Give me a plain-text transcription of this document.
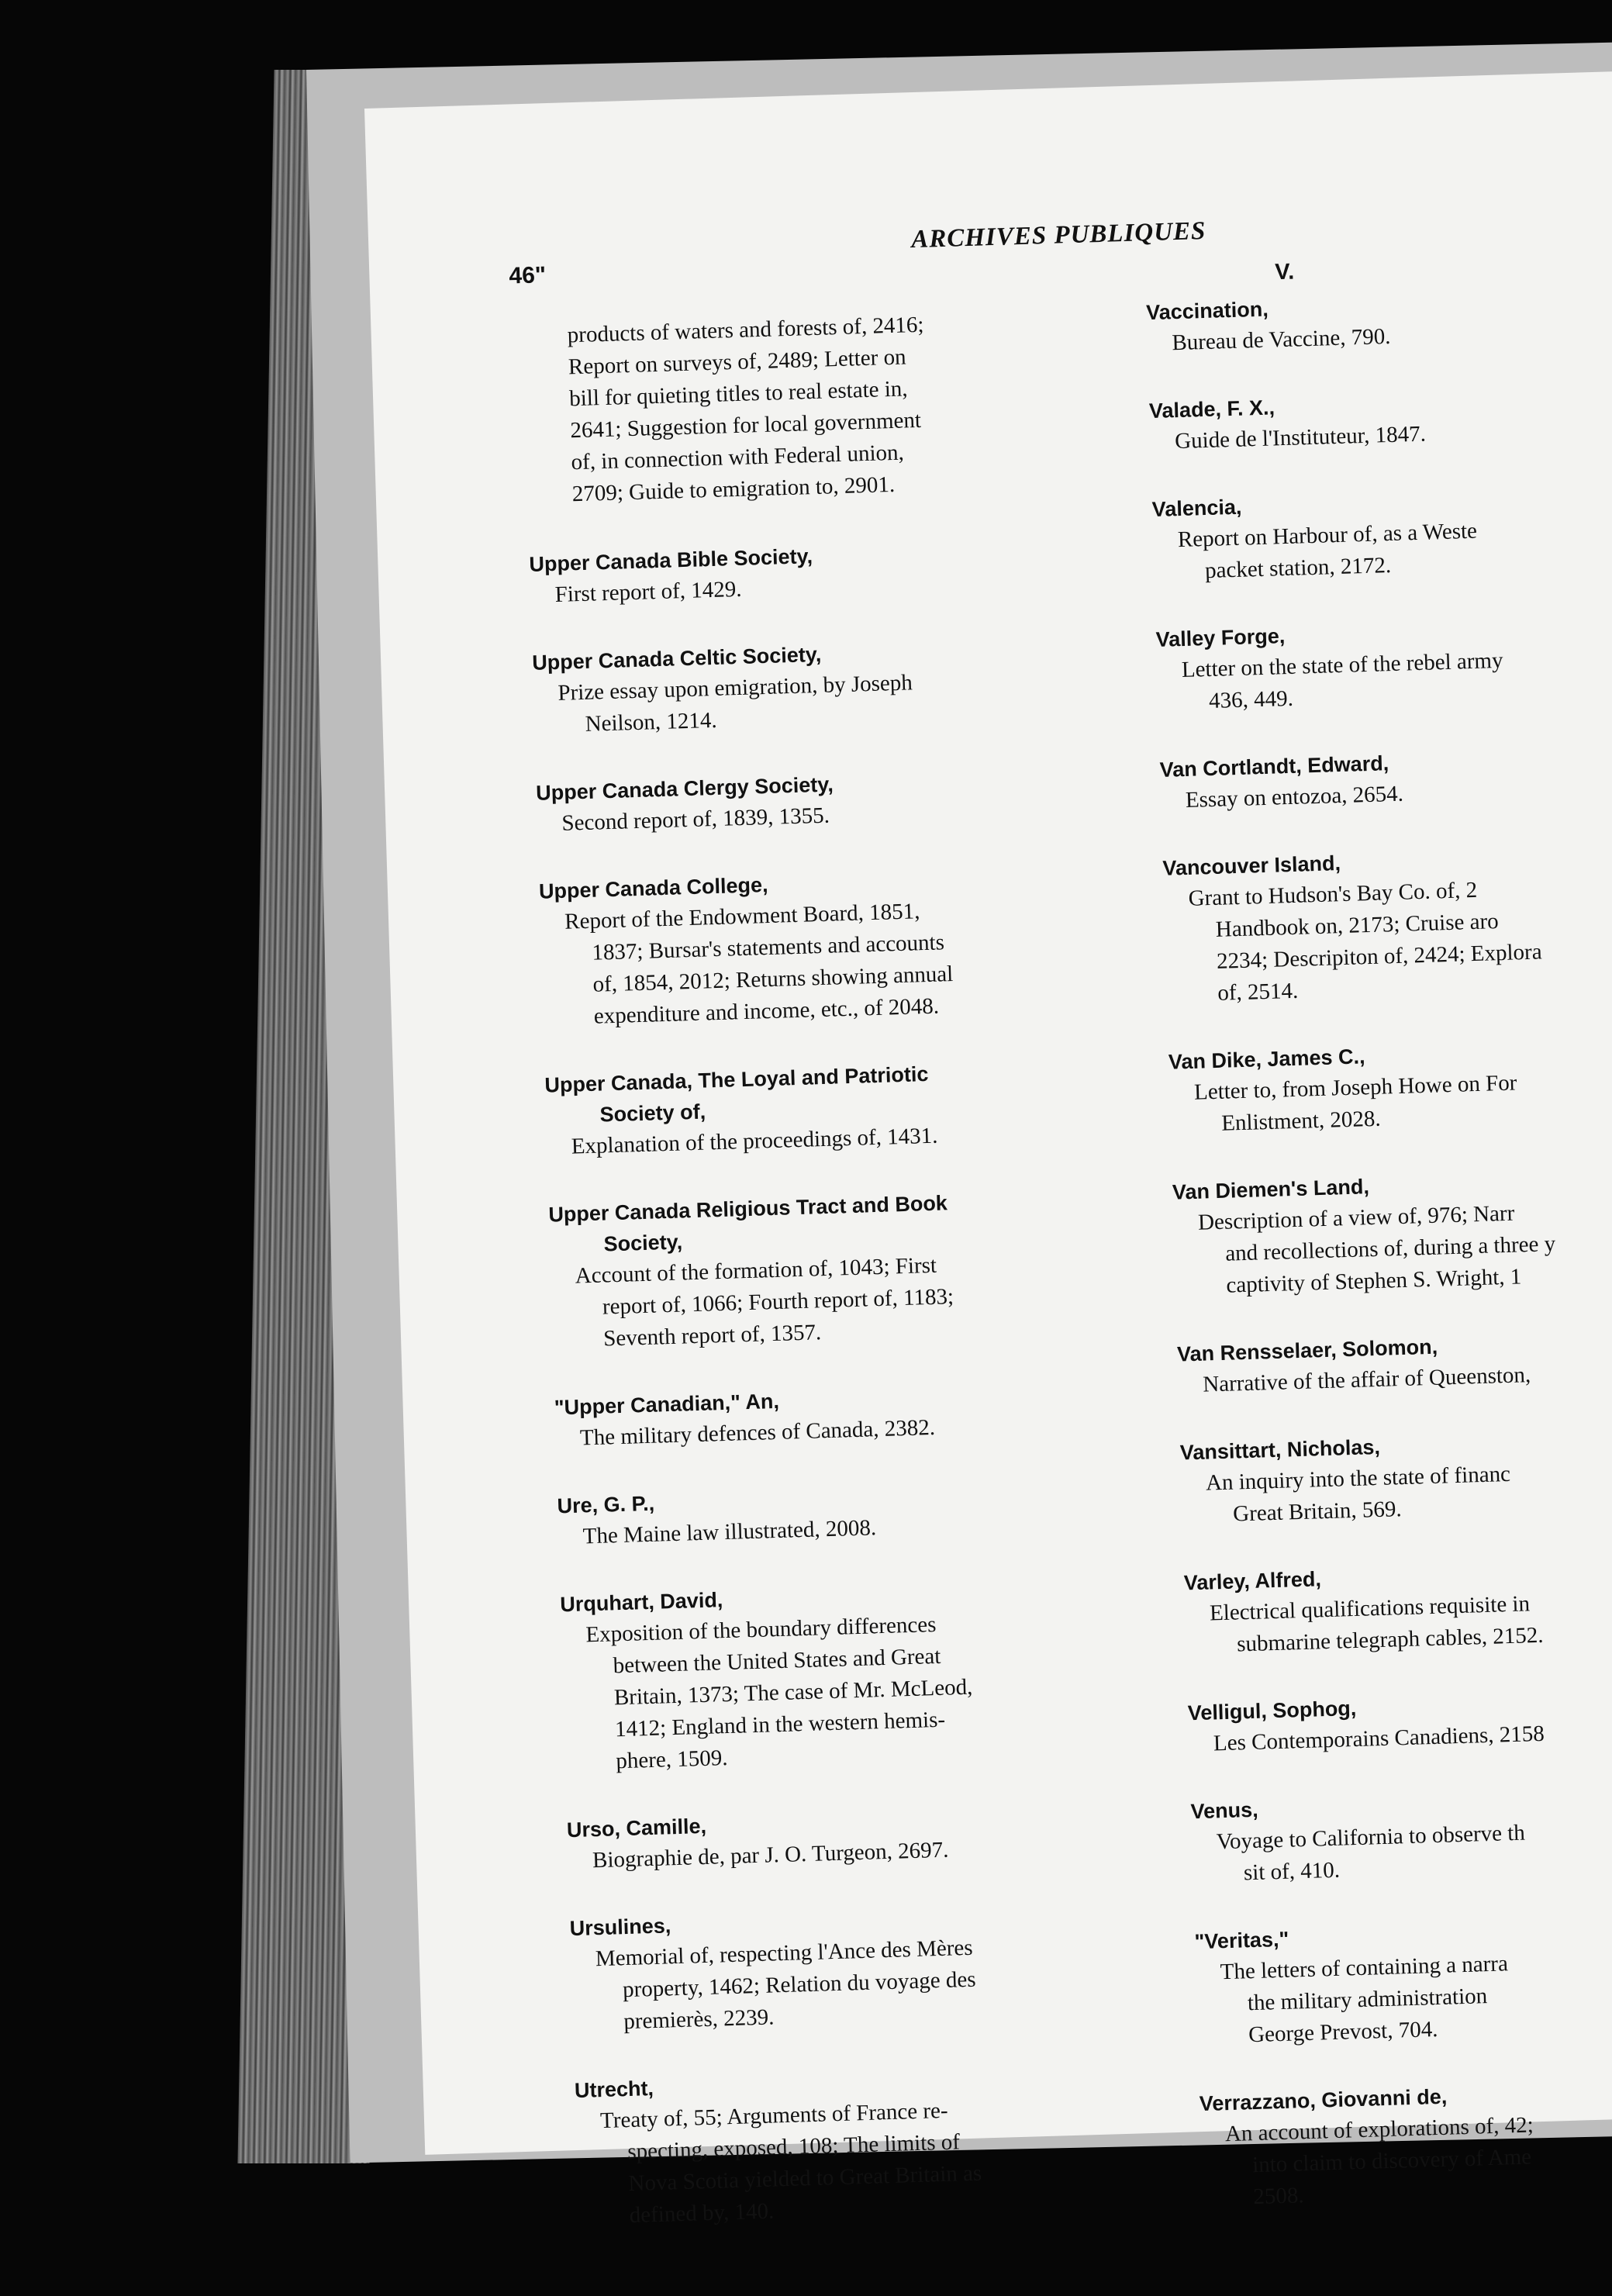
46"
ARCHIVES PUBLIQUES
products of waters and forests of, 2416;
Report on surveys of, 2489; Letter on
bill for quieting titles to real estate in,
2641; Suggestion for local government
of, in connection with Federal union,
2709; Guide to emigration to, 2901.
Upper Canada Bible Society,
First report of, 1429.
Upper Canada Celtic Society,
Prize essay upon emigration, by Joseph
Neilson, 1214.
Upper Canada Clergy Society,
Second report of, 1839, 1355.
Upper Canada College,
Report of the Endowment Board, 1851,
1837; Bursar's statements and accounts
of, 1854, 2012; Returns showing annual
expenditure and income, etc., of 2048.
Upper Canada, The Loyal and Patriotic
Society of,
Explanation of the proceedings of, 1431.
Upper Canada Religious Tract and Book
Society,
Account of the formation of, 1043; First
report of, 1066; Fourth report of, 1183;
Seventh report of, 1357.
"Upper Canadian," An,
The military defences of Canada, 2382.
Ure, G. P.,
The Maine law illustrated, 2008.
Urquhart, David,
Exposition of the boundary differences
between the United States and Great
Britain, 1373; The case of Mr. McLeod,
1412; England in the western hemis-
phere, 1509.
Urso, Camille,
Biographie de, par J. O. Turgeon, 2697.
Ursulines,
Memorial of, respecting l'Ance des Mères
property, 1462; Relation du voyage des
premierès, 2239.
Utrecht,
Treaty of, 55; Arguments of France re-
specting, exposed, 108; The limits of
Nova Scotia yielded to Great Britain as
defined by, 140.
V.
Vaccination,
Bureau de Vaccine, 790.
Valade, F. X.,
Guide de l'Instituteur, 1847.
Valencia,
Report on Harbour of, as a Weste
packet station, 2172.
Valley Forge,
Letter on the state of the rebel army
436, 449.
Van Cortlandt, Edward,
Essay on entozoa, 2654.
Vancouver Island,
Grant to Hudson's Bay Co. of, 2
Handbook on, 2173; Cruise aro
2234; Descripiton of, 2424; Explora
of, 2514.
Van Dike, James C.,
Letter to, from Joseph Howe on For
Enlistment, 2028.
Van Diemen's Land,
Description of a view of, 976; Narr
and recollections of, during a three y
captivity of Stephen S. Wright, 1
Van Rensselaer, Solomon,
Narrative of the affair of Queenston,
Vansittart, Nicholas,
An inquiry into the state of financ
Great Britain, 569.
Varley, Alfred,
Electrical qualifications requisite in
submarine telegraph cables, 2152.
Velligul, Sophog,
Les Contemporains Canadiens, 2158
Venus,
Voyage to California to observe th
sit of, 410.
"Veritas,"
The letters of containing a narra
the military administration
George Prevost, 704.
Verrazzano, Giovanni de,
An account of explorations of, 42;
into claim to discovery of Ame
2508.
